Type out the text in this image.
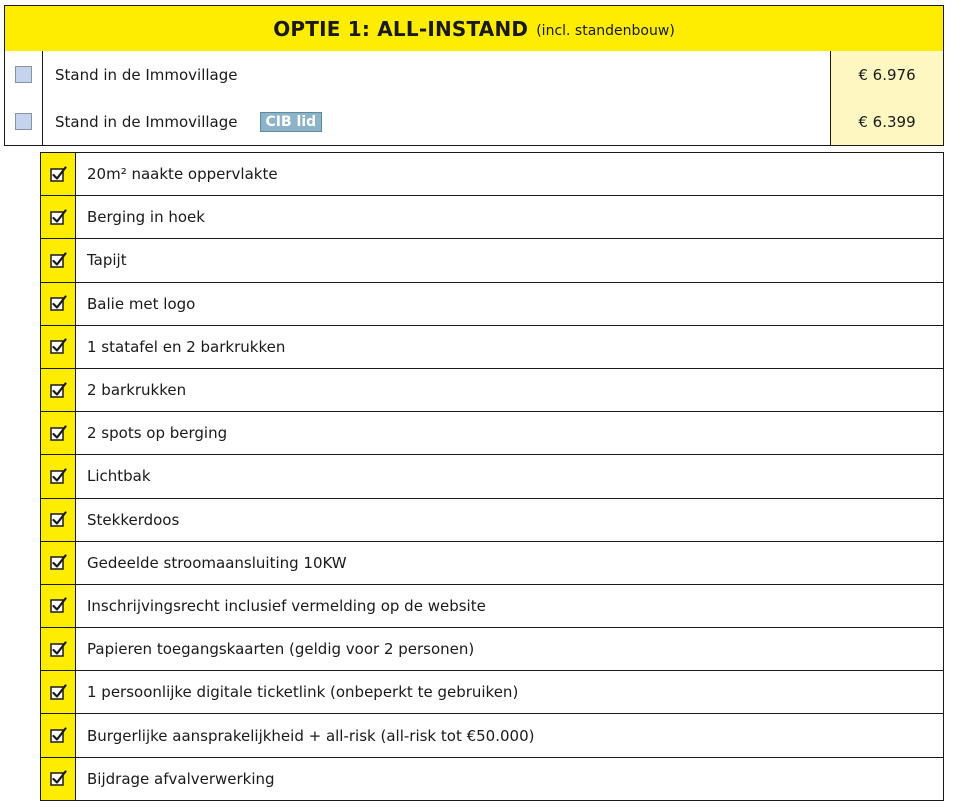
OPTIE 1: ALL-INSTAND (incl. standenbouw)
Stand in de Immovillage	€ 6.976
Stand in de Immovillage	CIB lid	€ 6.399
20m² naakte oppervlakte
Berging in hoek
Tapijt
Balie met logo
1 statafel en 2 barkrukken
2 barkrukken
2 spots op berging
Lichtbak
Stekkerdoos
Gedeelde stroomaansluiting 10KW
Inschrijvingsrecht inclusief vermelding op de website
Papieren toegangskaarten (geldig voor 2 personen)
1 persoonlijke digitale ticketlink (onbeperkt te gebruiken)
Burgerlijke aansprakelijkheid + all-risk (all-risk tot €50.000)
Bijdrage afvalverwerking
